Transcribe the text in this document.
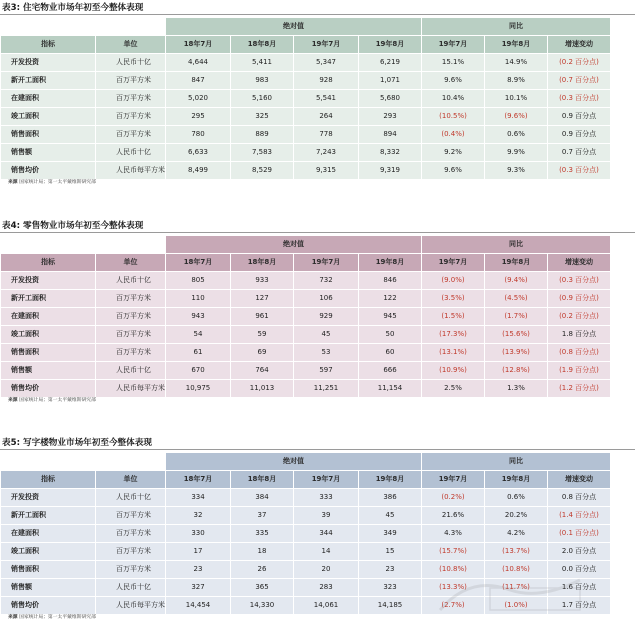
表3: 住宅物业市场年初至今整体表现
		绝对值				同比		
指标	单位	18年7月	18年8月	19年7月	19年8月	19年7月	19年8月	增速变动
开发投资	人民币十亿	4,644	5,411	5,347	6,219	15.1%	14.9%	(0.2 百分点)
新开工面积	百万平方米	847	983	928	1,071	9.6%	8.9%	(0.7 百分点)
在建面积	百万平方米	5,020	5,160	5,541	5,680	10.4%	10.1%	(0.3 百分点)
竣工面积	百万平方米	295	325	264	293	(10.5%)	(9.6%)	0.9 百分点
销售面积	百万平方米	780	889	778	894	(0.4%)	0.6%	0.9 百分点
销售额	人民币十亿	6,633	7,583	7,243	8,332	9.2%	9.9%	0.7 百分点
销售均价	人民币每平方米	8,499	8,529	9,315	9,319	9.6%	9.3%	(0.3 百分点)
来源 国家统计局；第一太平戴维斯研究部
表4: 零售物业市场年初至今整体表现
		绝对值				同比		
指标	单位	18年7月	18年8月	19年7月	19年8月	19年7月	19年8月	增速变动
开发投资	人民币十亿	805	933	732	846	(9.0%)	(9.4%)	(0.3 百分点)
新开工面积	百万平方米	110	127	106	122	(3.5%)	(4.5%)	(0.9 百分点)
在建面积	百万平方米	943	961	929	945	(1.5%)	(1.7%)	(0.2 百分点)
竣工面积	百万平方米	54	59	45	50	(17.3%)	(15.6%)	1.8 百分点
销售面积	百万平方米	61	69	53	60	(13.1%)	(13.9%)	(0.8 百分点)
销售额	人民币十亿	670	764	597	666	(10.9%)	(12.8%)	(1.9 百分点)
销售均价	人民币每平方米	10,975	11,013	11,251	11,154	2.5%	1.3%	(1.2 百分点)
来源 国家统计局；第一太平戴维斯研究部
表5: 写字楼物业市场年初至今整体表现
		绝对值				同比		
指标	单位	18年7月	18年8月	19年7月	19年8月	19年7月	19年8月	增速变动
开发投资	人民币十亿	334	384	333	386	(0.2%)	0.6%	0.8 百分点
新开工面积	百万平方米	32	37	39	45	21.6%	20.2%	(1.4 百分点)
在建面积	百万平方米	330	335	344	349	4.3%	4.2%	(0.1 百分点)
竣工面积	百万平方米	17	18	14	15	(15.7%)	(13.7%)	2.0 百分点
销售面积	百万平方米	23	26	20	23	(10.8%)	(10.8%)	0.0 百分点
销售额	人民币十亿	327	365	283	323	(13.3%)	(11.7%)	1.6 百分点
销售均价	人民币每平方米	14,454	14,330	14,061	14,185	(2.7%)	(1.0%)	1.7 百分点
来源 国家统计局；第一太平戴维斯研究部
